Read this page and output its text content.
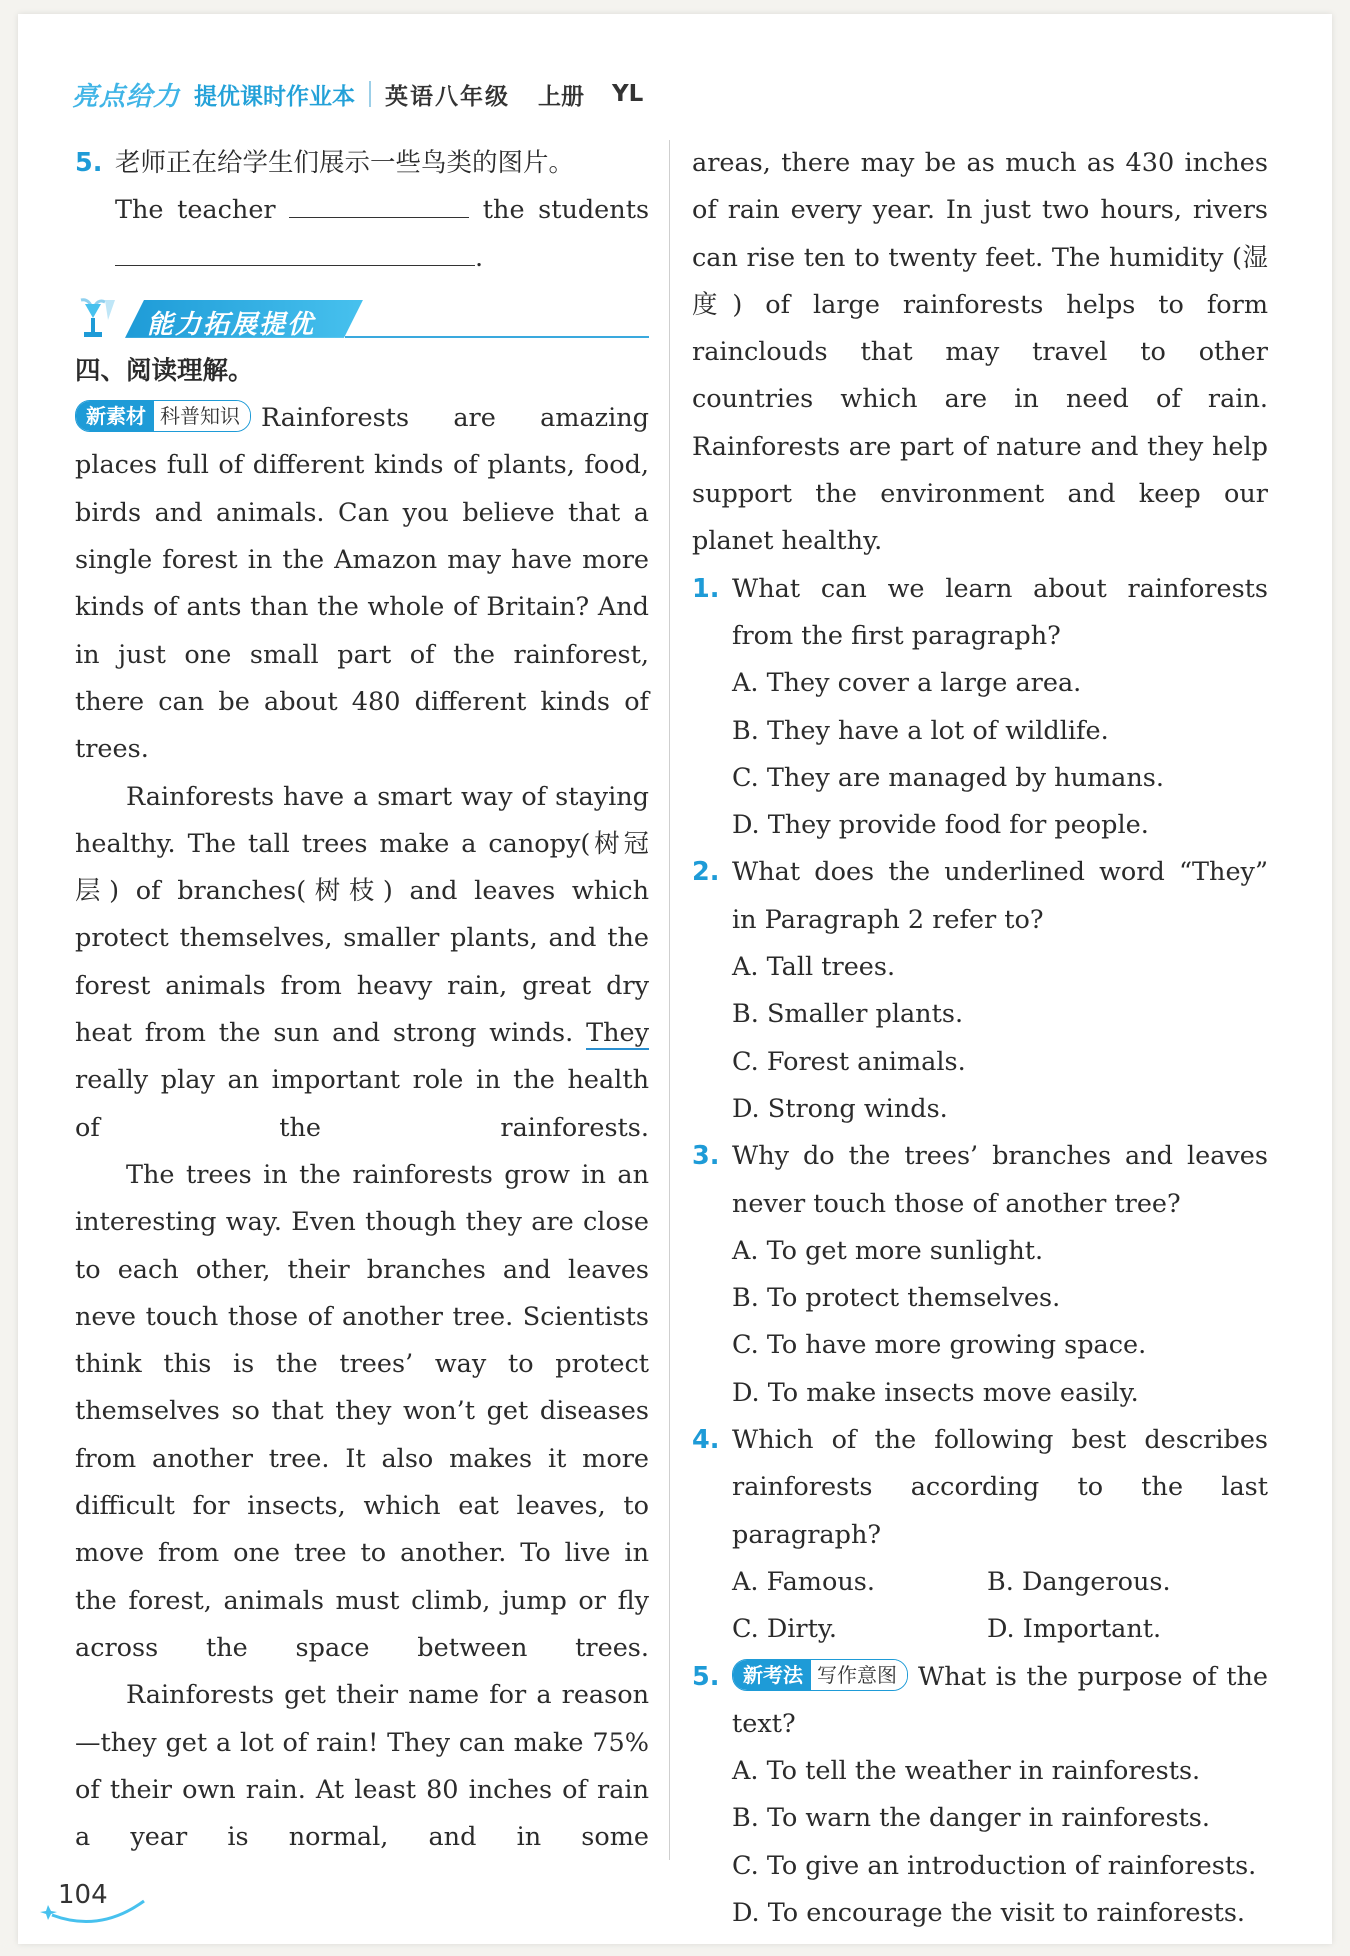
亮点给力 提优课时作业本 英语八年级 上册 YL

5. 老师正在给学生们展示一些鸟类的图片。

The teacher	the students

.

能力拓展提优

四、阅读理解。

新素材 科普知识 Rainforests are amazing places full of different kinds of plants, food, birds and animals. Can you believe that a single forest in the Amazon may have more kinds of ants than the whole of Britain? And in just one small part of the rainforest, there can be about 480 different kinds of trees.

Rainforests have a smart way of staying healthy. The tall trees make a canopy(树冠层) of branches(树枝) and leaves which protect themselves, smaller plants, and the forest animals from heavy rain, great dry heat from the sun and strong winds. They really play an important role in the health of the rainforests.

The trees in the rainforests grow in an interesting way. Even though they are close to each other, their branches and leaves neve touch those of another tree. Scientists think this is the trees’ way to protect themselves so that they won’t get diseases from another tree. It also makes it more difficult for insects, which eat leaves, to move from one tree to another. To live in the forest, animals must climb, jump or fly across the space between trees.

Rainforests get their name for a reason—they get a lot of rain! They can make 75% of their own rain. At least 80 inches of rain a year is normal, and in some

areas, there may be as much as 430 inches of rain every year. In just two hours, rivers can rise ten to twenty feet. The humidity (湿度) of large rainforests helps to form rainclouds that may travel to other countries which are in need of rain. Rainforests are part of nature and they help support the environment and keep our planet healthy.

1. What can we learn about rainforests from the first paragraph?

A. They cover a large area.

B. They have a lot of wildlife.

C. They are managed by humans.

D. They provide food for people.

2. What does the underlined word “They” in Paragraph 2 refer to?

A. Tall trees.

B. Smaller plants.

C. Forest animals.

D. Strong winds.

3. Why do the trees’ branches and leaves never touch those of another tree?

A. To get more sunlight.

B. To protect themselves.

C. To have more growing space.

D. To make insects move easily.

4. Which of the following best describes rainforests according to the last paragraph?

A. Famous.	B. Dangerous.

C. Dirty.	D. Important.

5.	新考法 写作意图 What is the purpose of the text?

A. To tell the weather in rainforests.

B. To warn the danger in rainforests.

C. To give an introduction of rainforests.

D. To encourage the visit to rainforests.

104
